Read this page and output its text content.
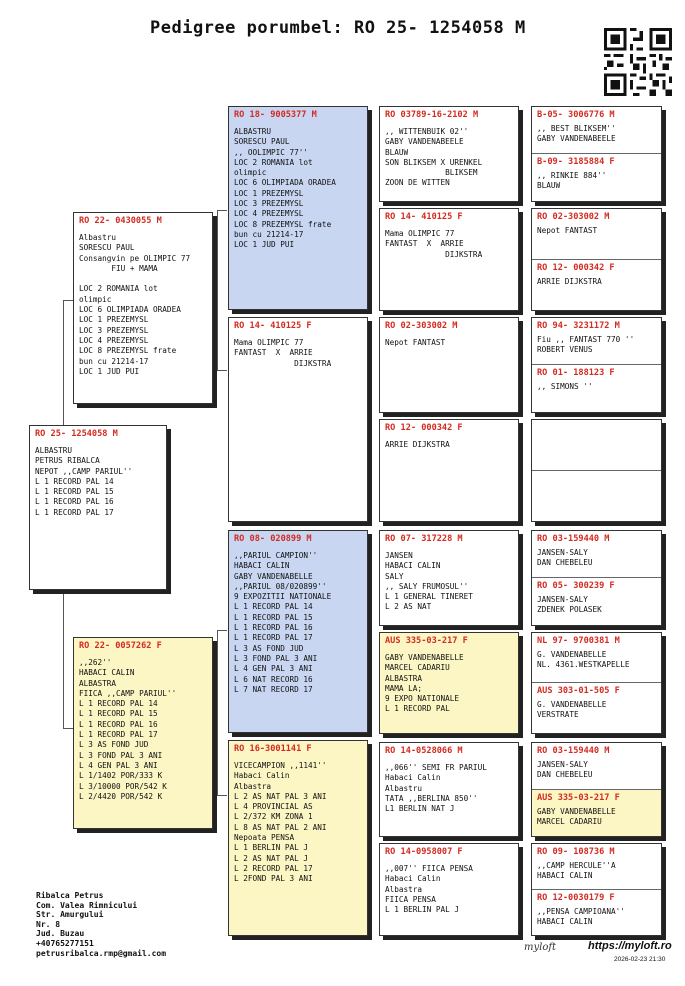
Pedigree porumbel: RO 25- 1254058 M
RO 25- 1254058 M
ALBASTRU
PETRUS RIBALCA
NEPOT ,,CAMP PARIUL''
L 1 RECORD PAL 14
L 1 RECORD PAL 15
L 1 RECORD PAL 16
L 1 RECORD PAL 17
RO 22- 0430055 M
Albastru
SORESCU PAUL
Consangvin pe OLIMPIC 77
FIU + MAMA

LOC 2 ROMANIA lot
olimpic
LOC 6 OLIMPIADA ORADEA
LOC 1 PREZEMYSL
LOC 3 PREZEMYSL
LOC 4 PREZEMYSL
LOC 8 PREZEMYSL frate
bun cu 21214-17
LOC 1 JUD PUI
RO 22- 0057262 F
,,262''
HABACI CALIN
ALBASTRA
FIICA ,,CAMP PARIUL''
L 1 RECORD PAL 14
L 1 RECORD PAL 15
L 1 RECORD PAL 16
L 1 RECORD PAL 17
L 3 AS FOND JUD
L 3 FOND PAL 3 ANI
L 4 GEN PAL 3 ANI
L 1/1402 POR/333 K
L 3/10000 POR/542 K
L 2/4420 POR/542 K
RO 18- 9005377 M
ALBASTRU
SORESCU PAUL
,, OOLIMPIC 77''
LOC 2 ROMANIA lot
olimpic
LOC 6 OLIMPIADA ORADEA
LOC 1 PREZEMYSL
LOC 3 PREZEMYSL
LOC 4 PREZEMYSL
LOC 8 PREZEMYSL frate
bun cu 21214-17
LOC 1 JUD PUI
RO 14- 410125 F
Mama OLIMPIC 77
FANTAST  X  ARRIE
DIJKSTRA
RO 08- 020899 M
,,PARIUL CAMPION''
HABACI CALIN
GABY VANDENABELLE
,,PARIUL 08/020899''
9 EXPOZITII NATIONALE
L 1 RECORD PAL 14
L 1 RECORD PAL 15
L 1 RECORD PAL 16
L 1 RECORD PAL 17
L 3 AS FOND JUD
L 3 FOND PAL 3 ANI
L 4 GEN PAL 3 ANI
L 6 NAT RECORD 16
L 7 NAT RECORD 17
RO 16-3001141 F
VICECAMPION ,,1141''
Habaci Calin
Albastra
L 2 AS NAT PAL 3 ANI
L 4 PROVINCIAL AS
L 2/372 KM ZONA 1
L 8 AS NAT PAL 2 ANI
Nepoata PENSA
L 1 BERLIN PAL J
L 2 AS NAT PAL J
L 2 RECORD PAL 17
L 2FOND PAL 3 ANI
RO 03789-16-2102 M
,, WITTENBUIK 02''
GABY VANDENABEELE
BLAUW
SON BLIKSEM X URENKEL
BLIKSEM
ZOON DE WITTEN
RO 14- 410125 F
Mama OLIMPIC 77
FANTAST  X  ARRIE
DIJKSTRA
RO 02-303002 M
Nepot FANTAST
RO 12- 000342 F
ARRIE DIJKSTRA
RO 07- 317228 M
JANSEN
HABACI CALIN
SALY
,, SALY FRUMOSUL''
L 1 GENERAL TINERET
L 2 AS NAT
AUS 335-03-217 F
GABY VANDENABELLE
MARCEL CADARIU
ALBASTRA
MAMA LA;
9 EXPO NATIONALE
L 1 RECORD PAL
RO 14-0528066 M
,,066'' SEMI FR PARIUL
Habaci Calin
Albastru
TATA ,,BERLINA 850''
L1 BERLIN NAT J
RO 14-0958007 F
,,007'' FIICA PENSA
Habaci Calin
Albastra
FIICA PENSA
L 1 BERLIN PAL J
B-05- 3006776 M
,, BEST BLIKSEM''
GABY VANDENABEELE
B-09- 3185884 F
,, RINKIE 884''
BLAUW
RO 02-303002 M
Nepot FANTAST
RO 12- 000342 F
ARRIE DIJKSTRA
RO 94- 3231172 M
Fiu ,, FANTAST 770 ''
ROBERT VENUS
RO 01- 188123 F
,, SIMONS ''
RO 03-159440 M
JANSEN-SALY
DAN CHEBELEU
RO 05- 300239 F
JANSEN-SALY
ZDENEK POLASEK
NL 97- 9700381 M
G. VANDENABELLE
NL. 4361.WESTKAPELLE
AUS 303-01-505 F
G. VANDENABELLE
VERSTRATE
RO 03-159440 M
JANSEN-SALY
DAN CHEBELEU
AUS 335-03-217 F
GABY VANDENABELLE
MARCEL CADARIU
RO 09- 108736 M
,,CAMP HERCULE''A
HABACI CALIN
RO 12-0030179 F
,,PENSA CAMPIOANA''
HABACI CALIN
Ribalca Petrus
Com. Valea Rimnicului
Str. Amurgului
Nr. 8
Jud. Buzau
+40765277151
petrusribalca.rmp@gmail.com
myloft	https://myloft.ro
2026-02-23 21:30
